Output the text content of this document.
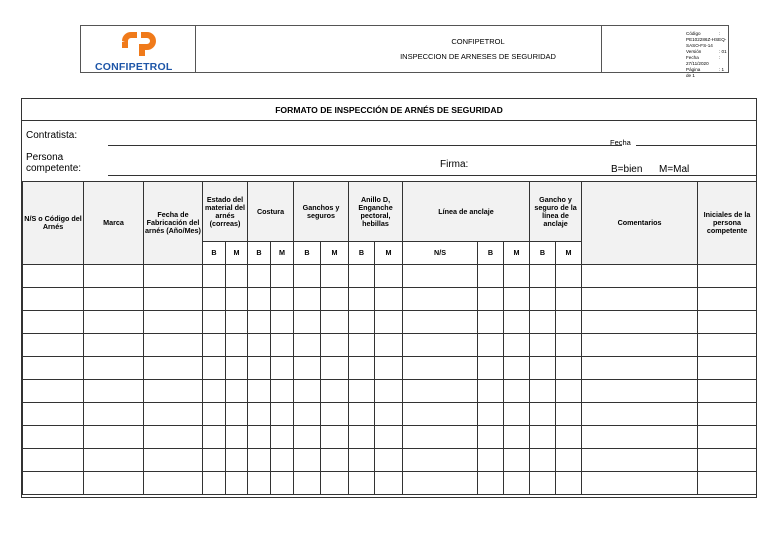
CONFIPETROL
CONFIPETROL
INSPECCION DE ARNESES DE SEGURIDAD
Código	: PE102286Z-HSEQ-SASO-FS-14
Versión	: 01
Fecha	: 27/11/2020
Página	: 1 de 1
FORMATO DE INSPECCIÓN DE ARNÉS DE SEGURIDAD
Contratista:
Fecha
Persona
competente:	Firma:	B=bien M=Mal
N/S o Código del Arnés	Marca	Fecha de Fabricación del arnés (Año/Mes)	Estado del material del arnés (correas)		Costura		Ganchos y seguros		Anillo D, Enganche pectoral, hebillas		Línea de anclaje			Gancho y seguro de la línea de anclaje		Comentarios	Iniciales de la persona competente
			B	M	B	M	B	M	B	M	N/S	B	M	B	M		
